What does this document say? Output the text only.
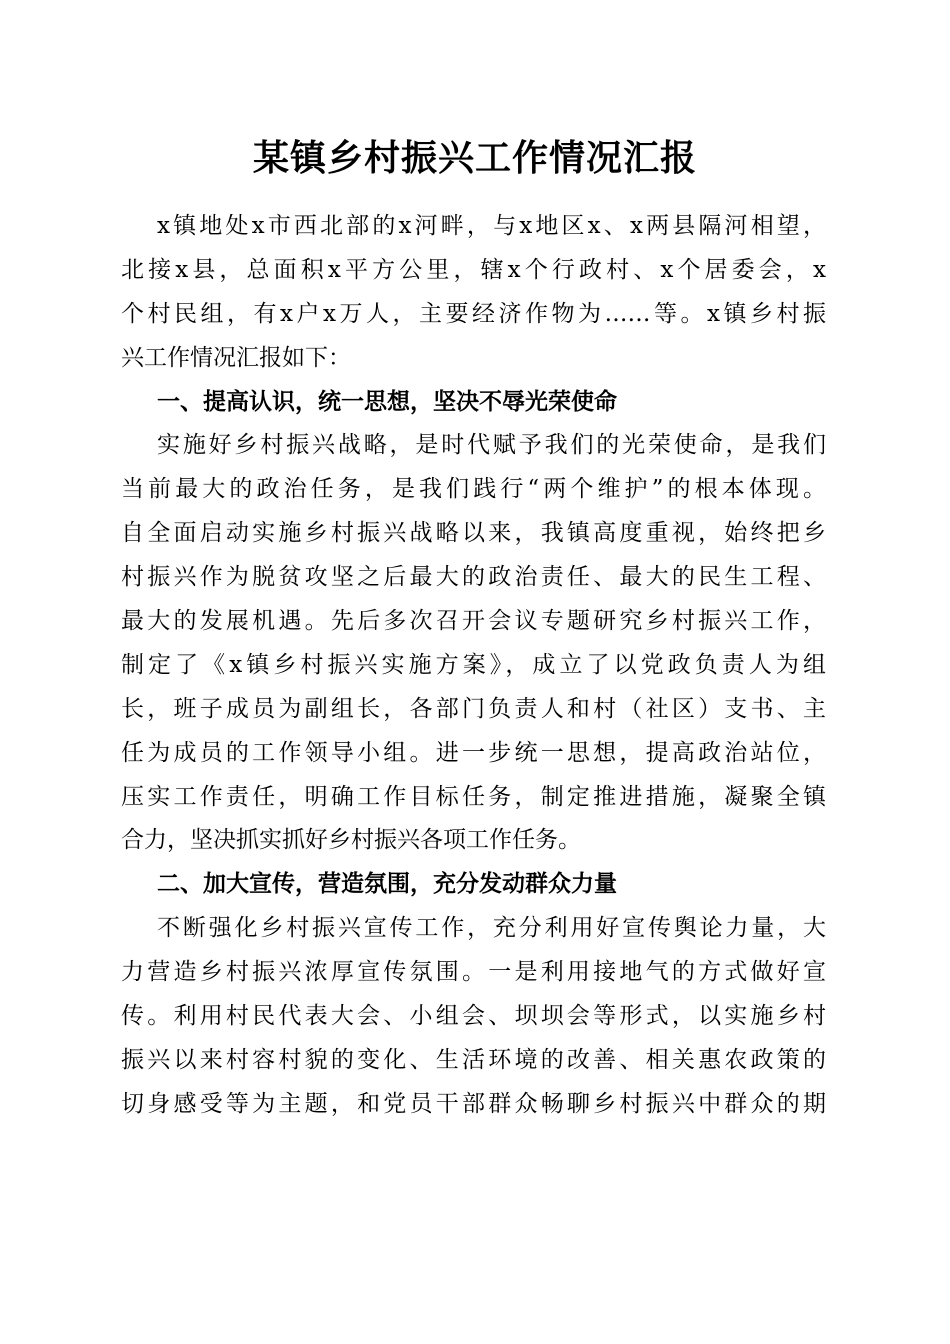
某镇乡村振兴工作情况汇报
x镇地处x市西北部的x河畔，与x地区x、x两县隔河相望，
北接x县，总面积x平方公里，辖x个行政村、x个居委会，x
个村民组，有x户x万人，主要经济作物为……等。x镇乡村振
兴工作情况汇报如下：
一、提高认识，统一思想，坚决不辱光荣使命
实施好乡村振兴战略，是时代赋予我们的光荣使命，是我们
当前最大的政治任务，是我们践行“两个维护”的根本体现。
自全面启动实施乡村振兴战略以来，我镇高度重视，始终把乡
村振兴作为脱贫攻坚之后最大的政治责任、最大的民生工程、
最大的发展机遇。先后多次召开会议专题研究乡村振兴工作，
制定了《x镇乡村振兴实施方案》，成立了以党政负责人为组
长，班子成员为副组长，各部门负责人和村（社区）支书、主
任为成员的工作领导小组。进一步统一思想，提高政治站位，
压实工作责任，明确工作目标任务，制定推进措施，凝聚全镇
合力，坚决抓实抓好乡村振兴各项工作任务。
二、加大宣传，营造氛围，充分发动群众力量
不断强化乡村振兴宣传工作，充分利用好宣传舆论力量，大
力营造乡村振兴浓厚宣传氛围。一是利用接地气的方式做好宣
传。利用村民代表大会、小组会、坝坝会等形式，以实施乡村
振兴以来村容村貌的变化、生活环境的改善、相关惠农政策的
切身感受等为主题，和党员干部群众畅聊乡村振兴中群众的期
